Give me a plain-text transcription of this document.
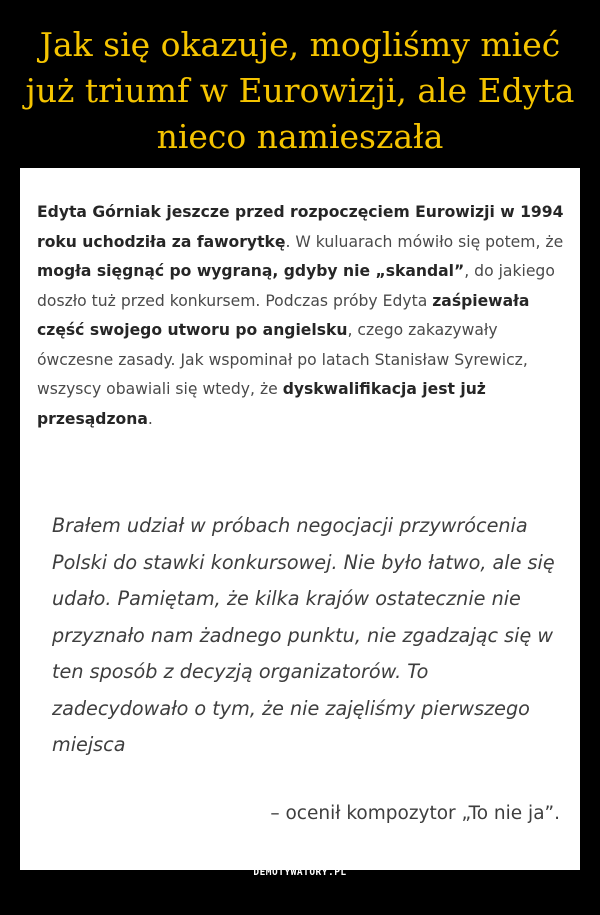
Jak się okazuje, mogliśmy mieć już triumf w Eurowizji, ale Edyta nieco namieszała

Edyta Górniak jeszcze przed rozpoczęciem Eurowizji w 1994 roku uchodziła za faworytkę. W kuluarach mówiło się potem, że mogła sięgnąć po wygraną, gdyby nie „skandal”, do jakiego doszło tuż przed konkursem. Podczas próby Edyta zaśpiewała część swojego utworu po angielsku, czego zakazywały ówczesne zasady. Jak wspominał po latach Stanisław Syrewicz, wszyscy obawiali się wtedy, że dyskwalifikacja jest już przesądzona.

Brałem udział w próbach negocjacji przywrócenia Polski do stawki konkursowej. Nie było łatwo, ale się udało. Pamiętam, że kilka krajów ostatecznie nie przyznało nam żadnego punktu, nie zgadzając się w ten sposób z decyzją organizatorów. To zadecydowało o tym, że nie zajęliśmy pierwszego miejsca

– ocenił kompozytor „To nie ja”.

DEMOTYWATORY.PL
